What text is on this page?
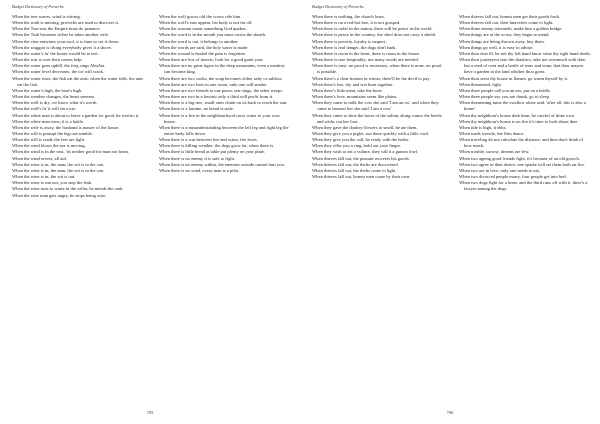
Budget Dictionary of Proverbs

When the tree waves, wind is stirring.

When the truth is missing, proverbs are used to discover it.

When the Tsar sins the Empire must do penance.

When the Turk becomes richer he takes another wife.

When the vine entwines your roof, it is time to cut it down.

When the waggon is tilting everybody gives it a shove.

When the water's fu' the bones would be at rest.

When the war is over then comes help.

When the water goes uphill, the frog sings AbuAta.

When the water level decreases, the ice will crack.

When the water rises, the fish eat the ants; when the water falls, the ants eat the fish.

When the water's high, the boat's high.

When the weather changes, the beast sneezes.

When the well is dry, we know what it's worth.

When the well's fu' it will rin owre.

When the white man is about to leave a garden for good, he wrecks it.

When the white man wins, it is a battle.

When the wife is away, the husband is master of the house.

When the will is prompt the legs are nimble.

When the will is ready the feet are light.

When the wind blows the sea is moving.

When the wind is in the east, 'tis neither good for man nor beast.

When the wind serves, all aid.

When the wine is in, the man, the wit is in the can.

When the wine is in, the man, the wit is in the can.

When the wine is in, the wit is out.

When the wine is run out, you stop the leak.

When the wine runs to waste in the cellar, he mends the cask.

When the wise man gets angry, he stops being wise.

When the wolf grows old the crows ride him.

When the wolf's ears appear, his body is not far off.

When the woman wants something God quakes.

When the word is in the mouth you must caress the sheath.

When the word is out, it belongs to another.

When the words are said, the holy water is made.

When the wound is healed the pain is forgotten.

When there are lots of insects, look for a good grain year.

When there are no great tigers in the deep mountains, even a monkey can become king.

When there are two cooks, the soup becomes either salty or saltless.

When there are two fires in one room, only one will smoke.

When there are two friends to one purse, one sings, the other weeps.

When there are two in a lawsuit only a third will profit from it.

When there is a big tree, small ones climb on its back to reach the sun.

When there is a famine, no bread is stale.

When there is a fire in the neighbourhood carry water to your own house.

When there is a misunderstanding between the left leg and right leg the entire body falls down.

When there is a war between fire and water, fire loses.

When there is killing weather, the dogs grow fat, when there is.

When there is little bread at table put plenty on your plate.

When there is no enemy it is safe to fight.

When there is no enemy within, the enemies outside cannot hurt you.

When there is no wind, every man is a pilot.

705
Budget Dictionary of Proverbs

When there is nothing, the church loses.

When there is on a red-hot hoe, it is not grasped.

When there is order in the nation, there will be peace in the world.

When there is peace in the country, the chief does not carry a shield.

When there is poverty, loyalty is suspect.

When there is real danger, the dogs don't bark.

When there is room in the heart, there is room in the house.

When there is true hospitality, not many words are needed.

When there is trust, no proof is necessary; when there is none, no proof is possible.

When there's a clear bottom in winter, there'll be the devil to pay.

When there's fire, dry and wet burn together.

When there's little meat, take the bone.

When there's love, mountains seem like plains.

When they came to milk the cow she said 'I am an ox', and when they came to harness her she said 'I am a cow'.

When they came to shoe the horse of the sultan, along comes the beetle and sticks out her foot.

When they gave the donkey flowers to smell, he ate them.

When they give you a piglet, run there quickly with a little cord.

When they give you the calf, be ready with the halter.

When they offer you a ring, hold out your finger.

When they wish to eat a vulture, they call it a guinea fowl.

When thieves fall out, the peasant recovers his goods.

When thieves fall out, the thefts are discovered.

When thieves fall out, the thefts come to light.

When thieves fall out, honest men come by their own.

When thieves fall out, honest men get their goods back.

When thieves fall out, their knaveries come to light.

When thine enemy retreateth, make him a golden bridge.

When things are at the worst, they begin to mend.

When things are being thrown away, buy them.

When things go well, it is easy to advise.

When thou dost ill, let not thy left hand know what thy right hand doeth.

When thou journeyest into the shadows, take not overmuch with thee, but a seed of corn and a bottle of tears and wine; that thou mayest have a garden in the land whither thou goest.

When thou seest thy house in flames, go warm thyself by it.

When threatened, fight.

When three people call you an ass, put on a bridle.

When three people say you are drunk, go to sleep.

When threatening mine the swallow alone said, 'after all, this is also a home'.

When thy neighbour's house doth burn, be careful of thine own.

When thy neighbour's house is on fire it's time to look about thee.

When tide is high, it ebbs.

When toads wrestle, the flies dance.

When traveling do not calculate the distance, and then don't think of how much.

When trouble, sorrow, dreams are few.

When two ageing good friends fight, it's because of an old grouch.

When two agree in their desire, one sparke will set them both on fire.

When two are in love, only one needs to eat.

When two divorced people marry, four people get into bed.

When two dogs fight for a bone, and the third runs off with it, there's a lawyer among the dogs.

706
